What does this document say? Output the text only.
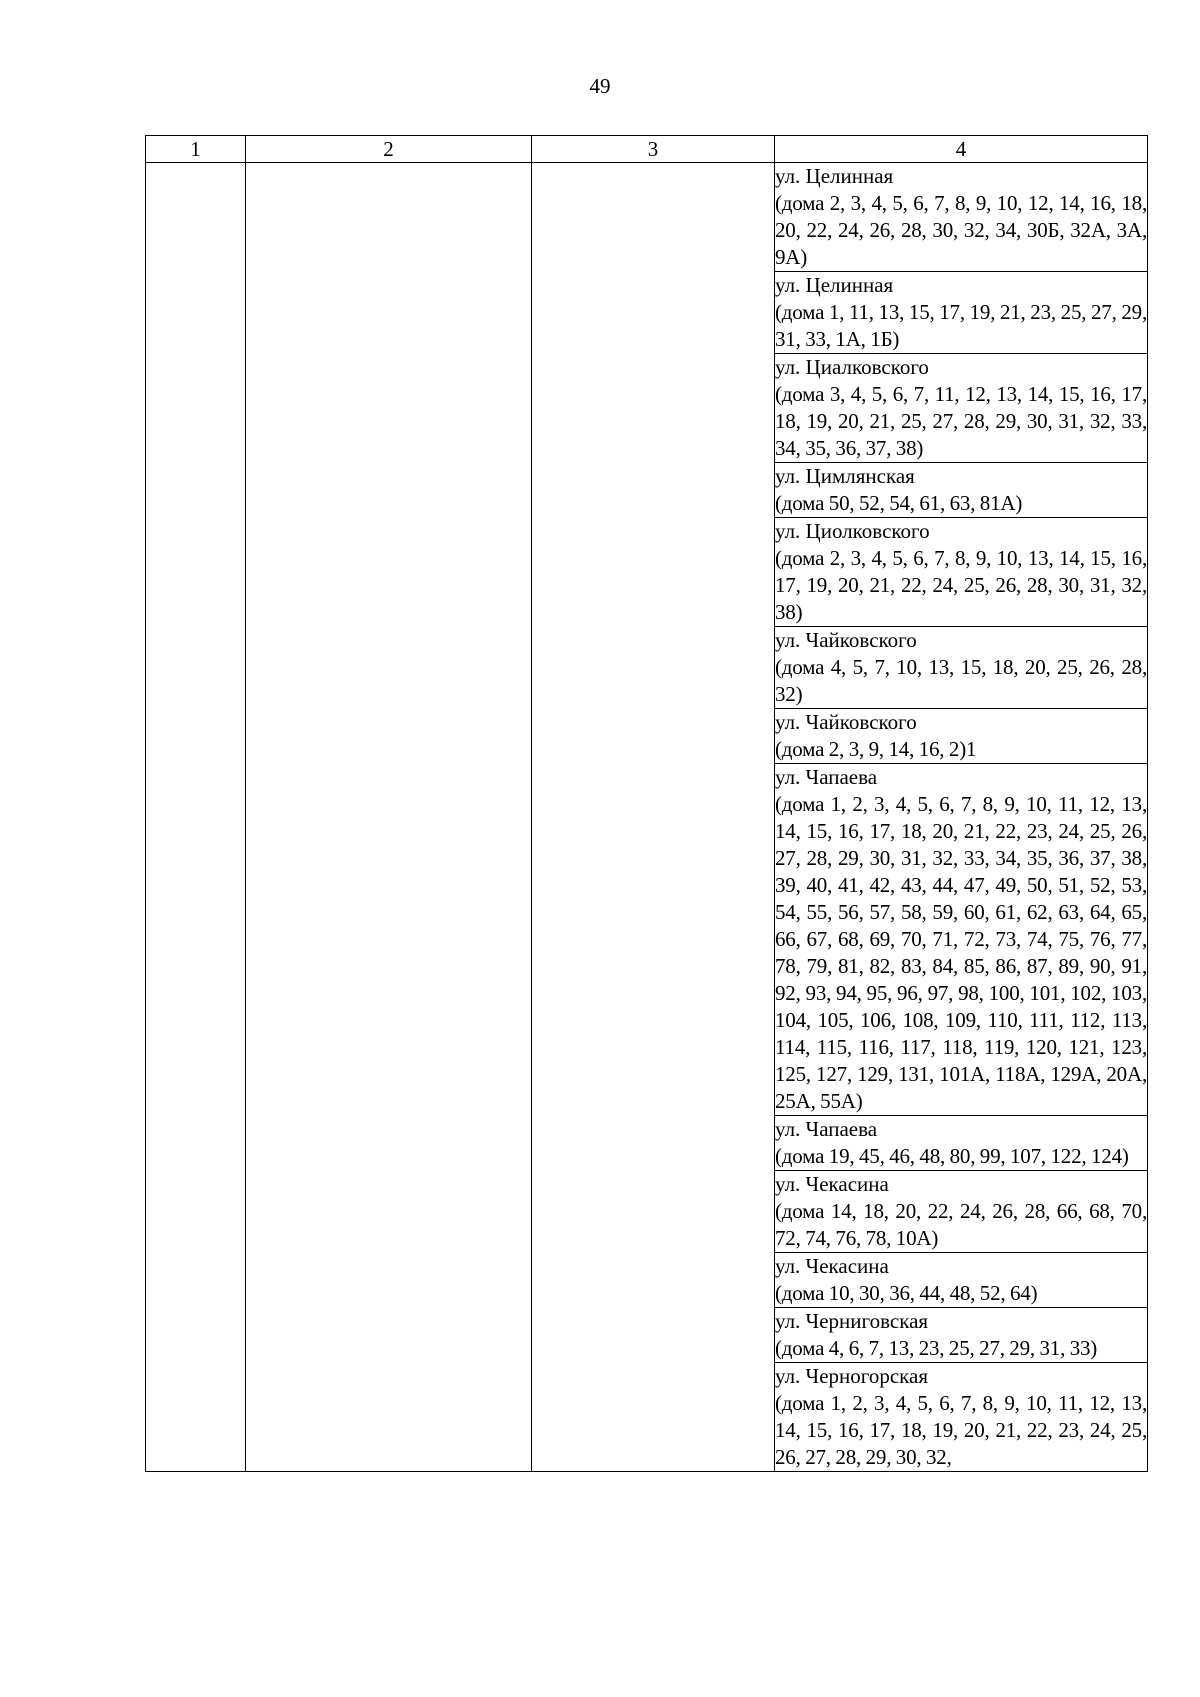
49
1	2	3	4

			ул. Целинная
(дома 2, 3, 4, 5, 6, 7, 8, 9, 10, 12, 14, 16, 18, 20, 22, 24, 26, 28, 30, 32, 34, 30Б, 32А, 3А, 9А)

			ул. Целинная
(дома 1, 11, 13, 15, 17, 19, 21, 23, 25, 27, 29, 31, 33, 1А, 1Б)

			ул. Циалковского
(дома 3, 4, 5, 6, 7, 11, 12, 13, 14, 15, 16, 17, 18, 19, 20, 21, 25, 27, 28, 29, 30, 31, 32, 33, 34, 35, 36, 37, 38)

			ул. Цимлянская
(дома 50, 52, 54, 61, 63, 81А)

			ул. Циолковского
(дома 2, 3, 4, 5, 6, 7, 8, 9, 10, 13, 14, 15, 16, 17, 19, 20, 21, 22, 24, 25, 26, 28, 30, 31, 32, 38)

			ул. Чайковского
(дома 4, 5, 7, 10, 13, 15, 18, 20, 25, 26, 28, 32)

			ул. Чайковского
(дома 2, 3, 9, 14, 16, 2)1

			ул. Чапаева
(дома 1, 2, 3, 4, 5, 6, 7, 8, 9, 10, 11, 12, 13, 14, 15, 16, 17, 18, 20, 21, 22, 23, 24, 25, 26, 27, 28, 29, 30, 31, 32, 33, 34, 35, 36, 37, 38, 39, 40, 41, 42, 43, 44, 47, 49, 50, 51, 52, 53, 54, 55, 56, 57, 58, 59, 60, 61, 62, 63, 64, 65, 66, 67, 68, 69, 70, 71, 72, 73, 74, 75, 76, 77, 78, 79, 81, 82, 83, 84, 85, 86, 87, 89, 90, 91, 92, 93, 94, 95, 96, 97, 98, 100, 101, 102, 103, 104, 105, 106, 108, 109, 110, 111, 112, 113, 114, 115, 116, 117, 118, 119, 120, 121, 123, 125, 127, 129, 131, 101А, 118А, 129А, 20А, 25А, 55А)

			ул. Чапаева
(дома 19, 45, 46, 48, 80, 99, 107, 122, 124)

			ул. Чекасина
(дома 14, 18, 20, 22, 24, 26, 28, 66, 68, 70, 72, 74, 76, 78, 10А)

			ул. Чекасина
(дома 10, 30, 36, 44, 48, 52, 64)

			ул. Черниговская
(дома 4, 6, 7, 13, 23, 25, 27, 29, 31, 33)

			ул. Черногорская
(дома 1, 2, 3, 4, 5, 6, 7, 8, 9, 10, 11, 12, 13, 14, 15, 16, 17, 18, 19, 20, 21, 22, 23, 24, 25, 26, 27, 28, 29, 30, 32,
